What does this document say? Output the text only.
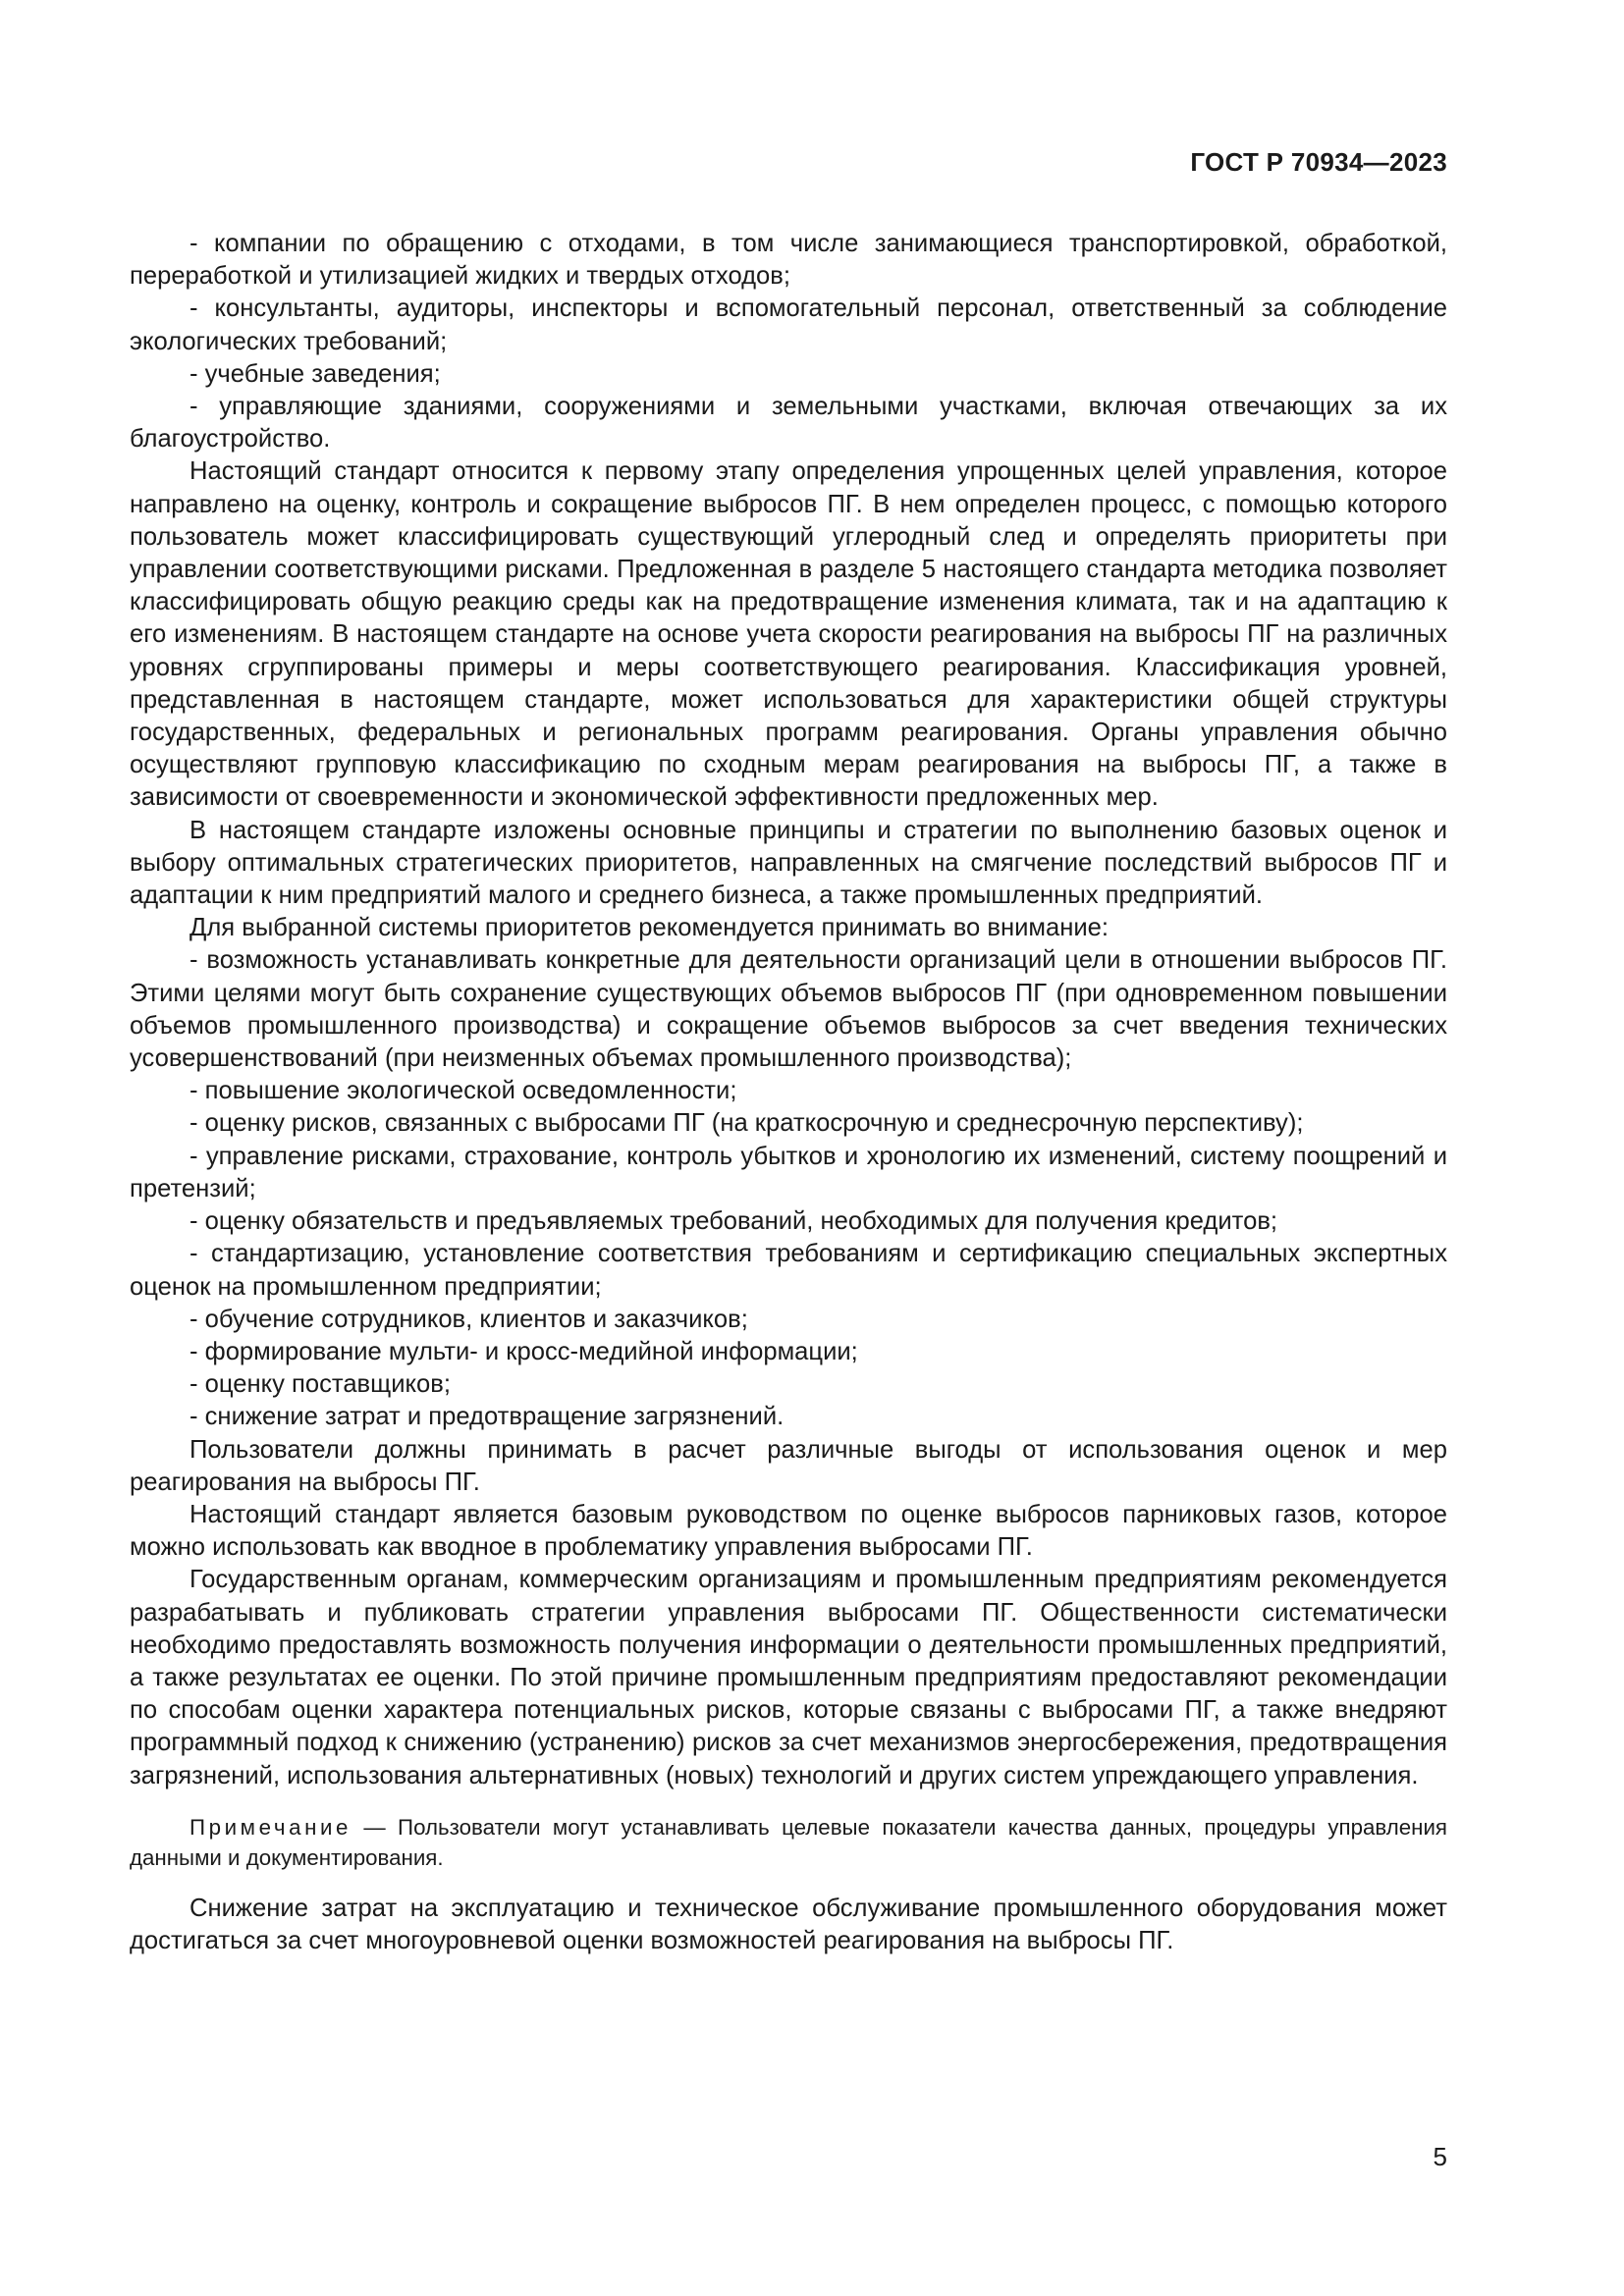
ГОСТ Р 70934—2023

- компании по обращению с отходами, в том числе занимающиеся транспортировкой, обработкой, переработкой и утилизацией жидких и твердых отходов;

- консультанты, аудиторы, инспекторы и вспомогательный персонал, ответственный за соблюдение экологических требований;

- учебные заведения;

- управляющие зданиями, сооружениями и земельными участками, включая отвечающих за их благоустройство.

Настоящий стандарт относится к первому этапу определения упрощенных целей управления, которое направлено на оценку, контроль и сокращение выбросов ПГ. В нем определен процесс, с помощью которого пользователь может классифицировать существующий углеродный след и определять приоритеты при управлении соответствующими рисками. Предложенная в разделе 5 настоящего стандарта методика позволяет классифицировать общую реакцию среды как на предотвращение изменения климата, так и на адаптацию к его изменениям. В настоящем стандарте на основе учета скорости реагирования на выбросы ПГ на различных уровнях сгруппированы примеры и меры соответствующего реагирования. Классификация уровней, представленная в настоящем стандарте, может использоваться для характеристики общей структуры государственных, федеральных и региональных программ реагирования. Органы управления обычно осуществляют групповую классификацию по сходным мерам реагирования на выбросы ПГ, а также в зависимости от своевременности и экономической эффективности предложенных мер.

В настоящем стандарте изложены основные принципы и стратегии по выполнению базовых оценок и выбору оптимальных стратегических приоритетов, направленных на смягчение последствий выбросов ПГ и адаптации к ним предприятий малого и среднего бизнеса, а также промышленных предприятий.

Для выбранной системы приоритетов рекомендуется принимать во внимание:

- возможность устанавливать конкретные для деятельности организаций цели в отношении выбросов ПГ. Этими целями могут быть сохранение существующих объемов выбросов ПГ (при одновременном повышении объемов промышленного производства) и сокращение объемов выбросов за счет введения технических усовершенствований (при неизменных объемах промышленного производства);

- повышение экологической осведомленности;

- оценку рисков, связанных с выбросами ПГ (на краткосрочную и среднесрочную перспективу);

- управление рисками, страхование, контроль убытков и хронологию их изменений, систему поощрений и претензий;

- оценку обязательств и предъявляемых требований, необходимых для получения кредитов;

- стандартизацию, установление соответствия требованиям и сертификацию специальных экспертных оценок на промышленном предприятии;

- обучение сотрудников, клиентов и заказчиков;

- формирование мульти- и кросс-медийной информации;

- оценку поставщиков;

- снижение затрат и предотвращение загрязнений.

Пользователи должны принимать в расчет различные выгоды от использования оценок и мер реагирования на выбросы ПГ.

Настоящий стандарт является базовым руководством по оценке выбросов парниковых газов, которое можно использовать как вводное в проблематику управления выбросами ПГ.

Государственным органам, коммерческим организациям и промышленным предприятиям рекомендуется разрабатывать и публиковать стратегии управления выбросами ПГ. Общественности систематически необходимо предоставлять возможность получения информации о деятельности промышленных предприятий, а также результатах ее оценки. По этой причине промышленным предприятиям предоставляют рекомендации по способам оценки характера потенциальных рисков, которые связаны с выбросами ПГ, а также внедряют программный подход к снижению (устранению) рисков за счет механизмов энергосбережения, предотвращения загрязнений, использования альтернативных (новых) технологий и других систем упреждающего управления.

Примечание — Пользователи могут устанавливать целевые показатели качества данных, процедуры управления данными и документирования.

Снижение затрат на эксплуатацию и техническое обслуживание промышленного оборудования может достигаться за счет многоуровневой оценки возможностей реагирования на выбросы ПГ.

5
